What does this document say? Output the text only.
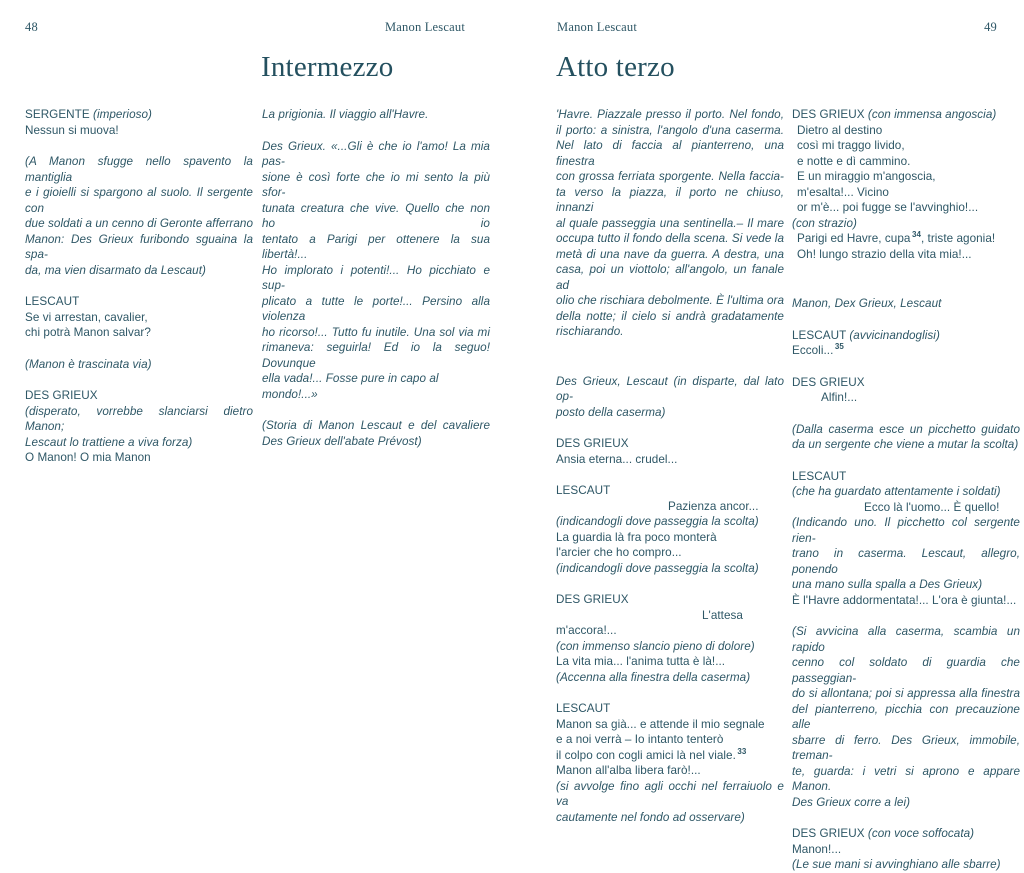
48	Manon Lescaut
Intermezzo
SERGENTE (imperioso)
Nessun si muova!
(A Manon sfugge nello spavento la mantiglia
e i gioielli si spargono al suolo. Il sergente con
due soldati a un cenno di Geronte afferrano
Manon: Des Grieux furibondo sguaina la spa-
da, ma vien disarmato da Lescaut)
LESCAUT
Se vi arrestan, cavalier,
chi potrà Manon salvar?
(Manon è trascinata via)
DES GRIEUX
(disperato, vorrebbe slanciarsi dietro Manon;
Lescaut lo trattiene a viva forza)
O Manon! O mia Manon
La prigionia. Il viaggio all'Havre.
Des Grieux. «...Gli è che io l'amo! La mia pas-
sione è così forte che io mi sento la più sfor-
tunata creatura che vive. Quello che non ho io
tentato a Parigi per ottenere la sua libertà!...
Ho implorato i potenti!... Ho picchiato e sup-
plicato a tutte le porte!... Persino alla violenza
ho ricorso!... Tutto fu inutile. Una sol via mi
rimaneva: seguirla! Ed io la seguo! Dovunque
ella vada!... Fosse pure in capo al mondo!...»
(Storia di Manon Lescaut e del cavaliere
Des Grieux dell'abate Prévost)
Manon Lescaut	49
Atto terzo
'Havre. Piazzale presso il porto. Nel fondo,
il porto: a sinistra, l'angolo d'una caserma.
Nel lato di faccia al pianterreno, una finestra
con grossa ferriata sporgente. Nella faccia-
ta verso la piazza, il porto ne chiuso, innanzi
al quale passeggia una sentinella.– Il mare
occupa tutto il fondo della scena. Si vede la
metà di una nave da guerra. A destra, una
casa, poi un viottolo; all'angolo, un fanale ad
olio che rischiara debolmente. È l'ultima ora
della notte; il cielo si andrà gradatamente
rischiarando.
Des Grieux, Lescaut (in disparte, dal lato op-
posto della caserma)
DES GRIEUX
Ansia eterna... crudel...
LESCAUT
Pazienza ancor...
(indicandogli dove passeggia la scolta)
La guardia là fra poco monterà
l'arcier che ho compro...
(indicandogli dove passeggia la scolta)
DES GRIEUX
L'attesa
m'accora!...
(con immenso slancio pieno di dolore)
La vita mia... l'anima tutta è là!...
(Accenna alla finestra della caserma)
LESCAUT
Manon sa già... e attende il mio segnale
e a noi verrà – Io intanto tenterò
il colpo con cogli amici là nel viale. $^{33}$
Manon all'alba libera farò!...
(si avvolge fino agli occhi nel ferraiuolo e va
cautamente nel fondo ad osservare)
DES GRIEUX (con immensa angoscia)
Dietro al destino
così mi traggo livido,
e notte e dì cammino.
E un miraggio m'angoscia,
m'esalta!... Vicino
or m'è... poi fugge se l'avvinghio!...
(con strazio)
Parigi ed Havre, cupa $^{34}$, triste agonia!
Oh! lungo strazio della vita mia!...
Manon, Dex Grieux, Lescaut
LESCAUT (avvicinandoglisi)
Eccoli... $^{35}$
DES GRIEUX
Alfin!...
(Dalla caserma esce un picchetto guidato
da un sergente che viene a mutar la scolta)
LESCAUT
(che ha guardato attentamente i soldati)
Ecco là l'uomo... È quello!
(Indicando uno. Il picchetto col sergente rien-
trano in caserma. Lescaut, allegro, ponendo
una mano sulla spalla a Des Grieux)
È l'Havre addormentata!... L'ora è giunta!...
(Si avvicina alla caserma, scambia un rapido
cenno col soldato di guardia che passeggian-
do si allontana; poi si appressa alla finestra
del pianterreno, picchia con precauzione alle
sbarre di ferro. Des Grieux, immobile, treman-
te, guarda: i vetri si aprono e appare Manon.
Des Grieux corre a lei)
DES GRIEUX (con voce soffocata)
Manon!...
(Le sue mani si avvinghiano alle sbarre)
